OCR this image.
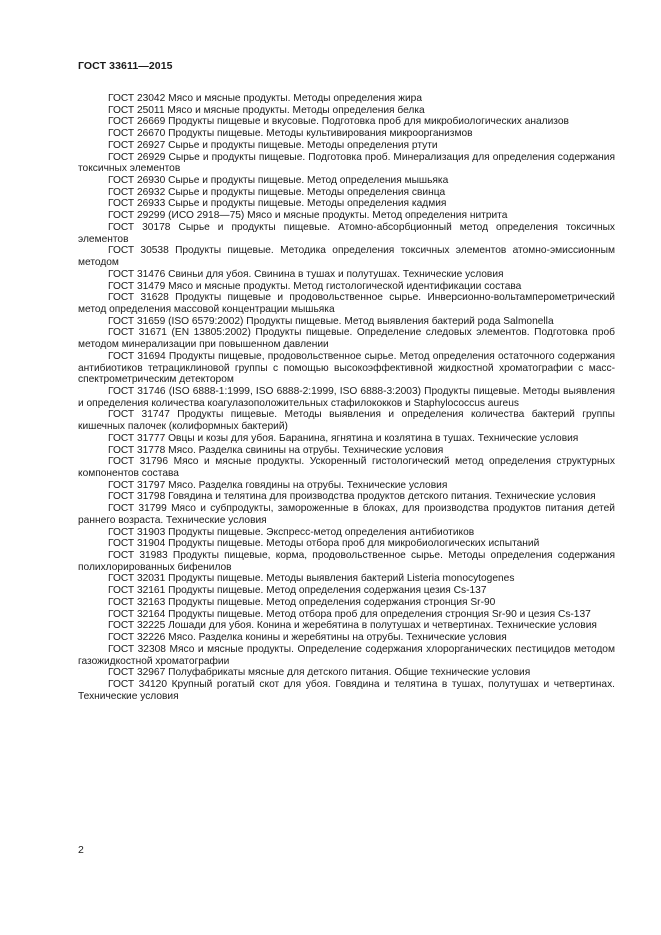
ГОСТ 33611—2015

ГОСТ 23042 Мясо и мясные продукты. Методы определения жира

ГОСТ 25011 Мясо и мясные продукты. Методы определения белка

ГОСТ 26669 Продукты пищевые и вкусовые. Подготовка проб для микробиологических анализов

ГОСТ 26670 Продукты пищевые. Методы культивирования микроорганизмов

ГОСТ 26927 Сырье и продукты пищевые. Методы определения ртути

ГОСТ 26929 Сырье и продукты пищевые. Подготовка проб. Минерализация для определения содержания токсичных элементов

ГОСТ 26930 Сырье и продукты пищевые. Метод определения мышьяка

ГОСТ 26932 Сырье и продукты пищевые. Методы определения свинца

ГОСТ 26933 Сырье и продукты пищевые. Методы определения кадмия

ГОСТ 29299 (ИСО 2918—75) Мясо и мясные продукты. Метод определения нитрита

ГОСТ 30178 Сырье и продукты пищевые. Атомно-абсорбционный метод определения токсичных элементов

ГОСТ 30538 Продукты пищевые. Методика определения токсичных элементов атомно-эмиссионным методом

ГОСТ 31476 Свиньи для убоя. Свинина в тушах и полутушах. Технические условия

ГОСТ 31479 Мясо и мясные продукты. Метод гистологической идентификации состава

ГОСТ 31628 Продукты пищевые и продовольственное сырье. Инверсионно-вольтамперометрический метод определения массовой концентрации мышьяка

ГОСТ 31659 (ISO 6579:2002) Продукты пищевые. Метод выявления бактерий рода Salmonella

ГОСТ 31671 (EN 13805:2002) Продукты пищевые. Определение следовых элементов. Подготовка проб методом минерализации при повышенном давлении

ГОСТ 31694 Продукты пищевые, продовольственное сырье. Метод определения остаточного содержания антибиотиков тетрациклиновой группы с помощью высокоэффективной жидкостной хроматографии с масс-спектрометрическим детектором

ГОСТ 31746 (ISO 6888-1:1999, ISO 6888-2:1999, ISO 6888-3:2003) Продукты пищевые. Методы выявления и определения количества коагулазоположительных стафилококков и Staphylococcus aureus

ГОСТ 31747 Продукты пищевые. Методы выявления и определения количества бактерий группы кишечных палочек (колиформных бактерий)

ГОСТ 31777 Овцы и козы для убоя. Баранина, ягнятина и козлятина в тушах. Технические условия

ГОСТ 31778 Мясо. Разделка свинины на отрубы. Технические условия

ГОСТ 31796 Мясо и мясные продукты. Ускоренный гистологический метод определения структурных компонентов состава

ГОСТ 31797 Мясо. Разделка говядины на отрубы. Технические условия

ГОСТ 31798 Говядина и телятина для производства продуктов детского питания. Технические условия

ГОСТ 31799 Мясо и субпродукты, замороженные в блоках, для производства продуктов питания детей раннего возраста. Технические условия

ГОСТ 31903 Продукты пищевые. Экспресс-метод определения антибиотиков

ГОСТ 31904 Продукты пищевые. Методы отбора проб для микробиологических испытаний

ГОСТ 31983 Продукты пищевые, корма, продовольственное сырье. Методы определения содержания полихлорированных бифенилов

ГОСТ 32031 Продукты пищевые. Методы выявления бактерий Listeria monocytogenes

ГОСТ 32161 Продукты пищевые. Метод определения содержания цезия Cs-137

ГОСТ 32163 Продукты пищевые. Метод определения содержания стронция Sr-90

ГОСТ 32164 Продукты пищевые. Метод отбора проб для определения стронция Sr-90 и цезия Cs-137

ГОСТ 32225 Лошади для убоя. Конина и жеребятина в полутушах и четвертинах. Технические условия

ГОСТ 32226 Мясо. Разделка конины и жеребятины на отрубы. Технические условия

ГОСТ 32308 Мясо и мясные продукты. Определение содержания хлорорганических пестицидов методом газожидкостной хроматографии

ГОСТ 32967 Полуфабрикаты мясные для детского питания. Общие технические условия

ГОСТ 34120 Крупный рогатый скот для убоя. Говядина и телятина в тушах, полутушах и четвертинах. Технические условия

2
